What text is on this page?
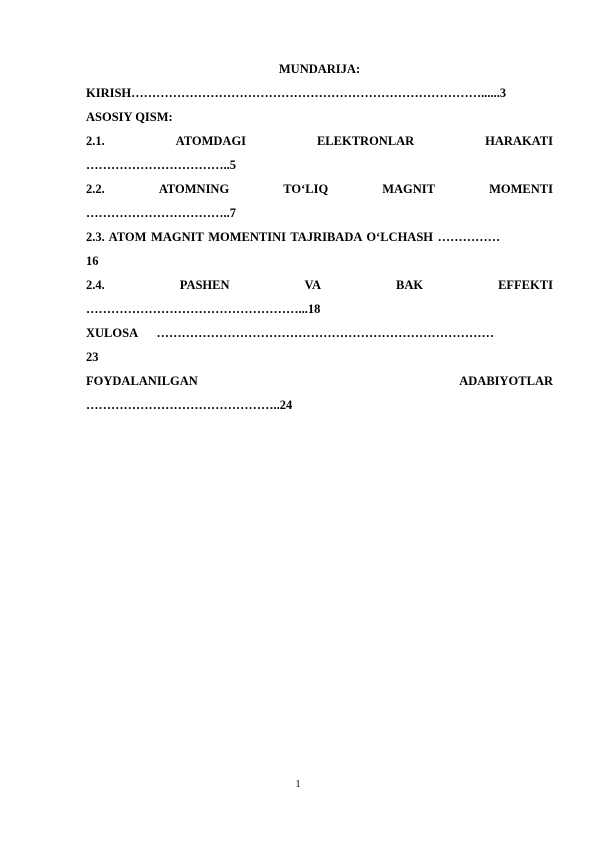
MUNDARIJA:
KIRISH…………………………………………………………………………......3
ASOSIY QISM:
2.1.	ATOMDAGI	ELEKTRONLAR	HARAKATI
……………………………..5
2.2.	ATOMNING	TO‘LIQ	MAGNIT	MOMENTI
……………………………..7
2.3. ATOM MAGNIT MOMENTINI TAJRIBADA O‘LCHASH ……………
16
2.4.	PASHEN	VA	BAK	EFFEKTI
……………………………………………...18
XULOSA ………………………………………………………………………
23
FOYDALANILGAN	ADABIYOTLAR
………………………………………..24
1
